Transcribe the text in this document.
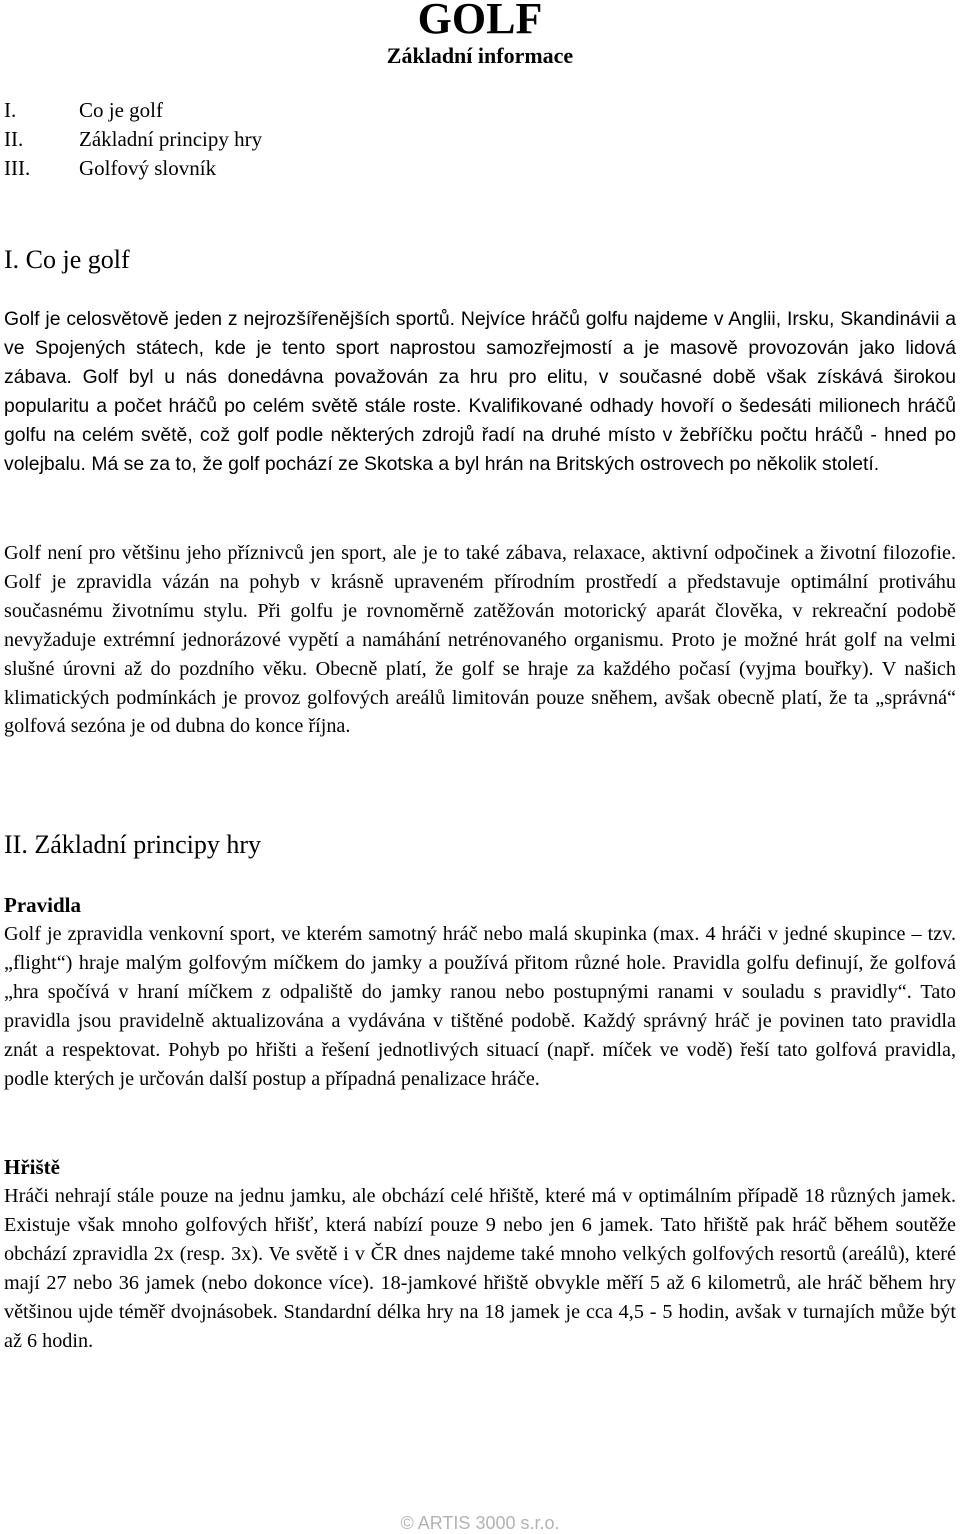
GOLF
Základní informace
I.	Co je golf
II.	Základní principy hry
III. Golfový slovník
I. Co je golf

Golf je celosvětově jeden z nejrozšířenějších sportů. Nejvíce hráčů golfu najdeme v Anglii, Irsku, Skandinávii a ve Spojených státech, kde je tento sport naprostou samozřejmostí a je masově provozován jako lidová zábava. Golf byl u nás donedávna považován za hru pro elitu, v současné době však získává širokou popularitu a počet hráčů po celém světě stále roste. Kvalifikované odhady hovoří o šedesáti milionech hráčů golfu na celém světě, což golf podle některých zdrojů řadí na druhé místo v žebříčku počtu hráčů - hned po volejbalu. Má se za to, že golf pochází ze Skotska a byl hrán na Britských ostrovech po několik století.

Golf není pro většinu jeho příznivců jen sport, ale je to také zábava, relaxace, aktivní odpočinek a životní filozofie. Golf je zpravidla vázán na pohyb v krásně upraveném přírodním prostředí a představuje optimální protiváhu současnému životnímu stylu. Při golfu je rovnoměrně zatěžován motorický aparát člověka, v rekreační podobě nevyžaduje extrémní jednorázové vypětí a namáhání netrénovaného organismu. Proto je možné hrát golf na velmi slušné úrovni až do pozdního věku. Obecně platí, že golf se hraje za každého počasí (vyjma bouřky). V našich klimatických podmínkách je provoz golfových areálů limitován pouze sněhem, avšak obecně platí, že ta „správná“ golfová sezóna je od dubna do konce října.

II. Základní principy hry
Pravidla

Golf je zpravidla venkovní sport, ve kterém samotný hráč nebo malá skupinka (max. 4 hráči v jedné skupince – tzv. „flight“) hraje malým golfovým míčkem do jamky a používá přitom různé hole. Pravidla golfu definují, že golfová „hra spočívá v hraní míčkem z odpaliště do jamky ranou nebo postupnými ranami v souladu s pravidly“. Tato pravidla jsou pravidelně aktualizována a vydávána v tištěné podobě. Každý správný hráč je povinen tato pravidla znát a respektovat. Pohyb po hřišti a řešení jednotlivých situací (např. míček ve vodě) řeší tato golfová pravidla, podle kterých je určován další postup a případná penalizace hráče.

Hřiště

Hráči nehrají stále pouze na jednu jamku, ale obchází celé hřiště, které má v optimálním případě 18 různých jamek. Existuje však mnoho golfových hřišť, která nabízí pouze 9 nebo jen 6 jamek. Tato hřiště pak hráč během soutěže obchází zpravidla 2x (resp. 3x). Ve světě i v ČR dnes najdeme také mnoho velkých golfových resortů (areálů), které mají 27 nebo 36 jamek (nebo dokonce více). 18-jamkové hřiště obvykle měří 5 až 6 kilometrů, ale hráč během hry většinou ujde téměř dvojnásobek. Standardní délka hry na 18 jamek je cca 4,5 - 5 hodin, avšak v turnajích může být až 6 hodin.

© ARTIS 3000 s.r.o.
